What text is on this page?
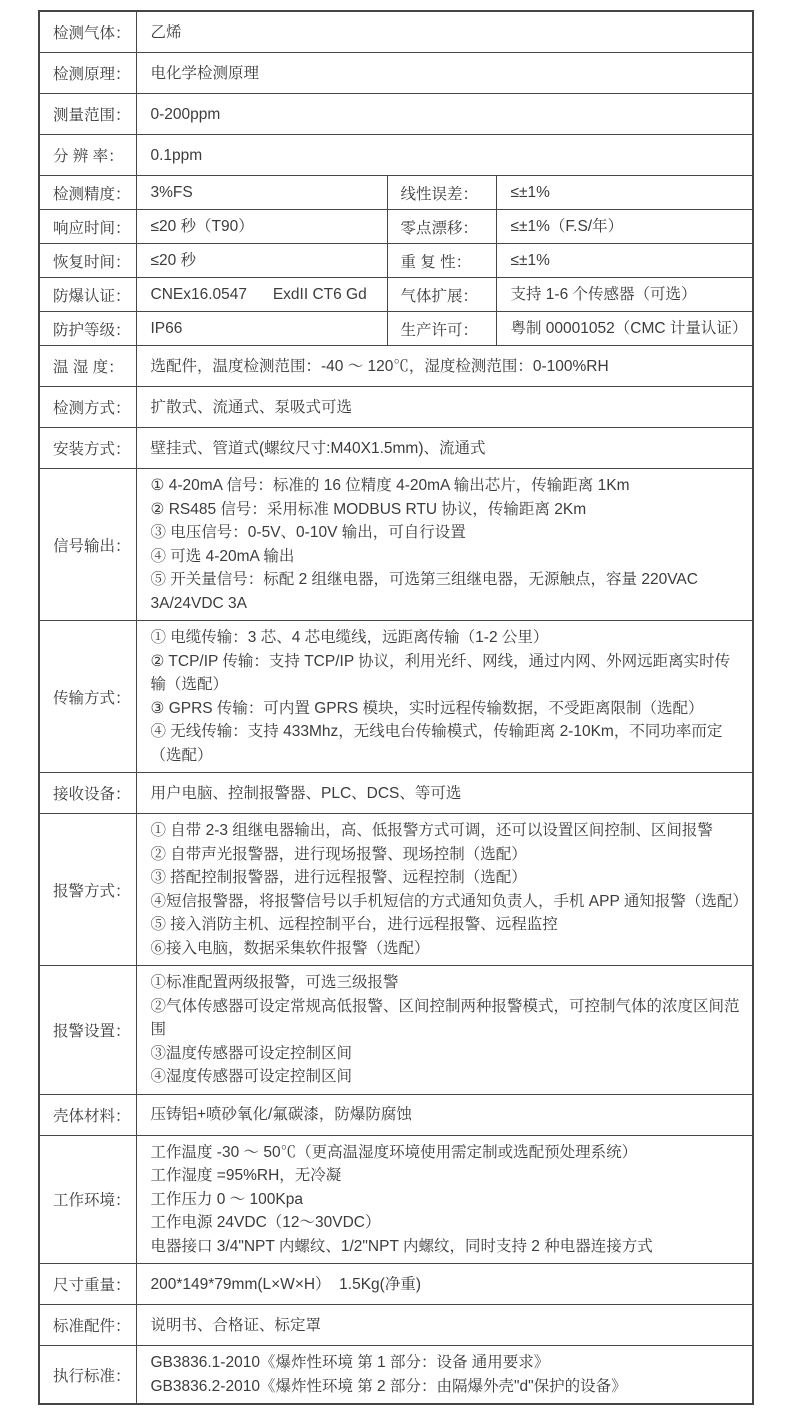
检测气体：	乙烯		
检测原理：	电化学检测原理		
测量范围：	0-200ppm		
分 辨 率：	0.1ppm		
检测精度：	3%FS	线性误差：	≤±1%
响应时间：	≤20 秒（T90）	零点漂移：	≤±1%（F.S/年）
恢复时间：	≤20 秒	重 复 性：	≤±1%
防爆认证：	CNEx16.0547      ExdII CT6 Gd	气体扩展：	支持 1-6 个传感器（可选）
防护等级：	IP66	生产许可：	粤制 00001052（CMC 计量认证）
温 湿 度：	选配件，温度检测范围：-40 ～ 120℃，湿度检测范围：0-100%RH		
检测方式：	扩散式、流通式、泵吸式可选		
安装方式：	壁挂式、管道式(螺纹尺寸:M40X1.5mm)、流通式		
信号输出：	① 4-20mA 信号：标准的 16 位精度 4-20mA 输出芯片，传输距离 1Km
② RS485 信号：采用标准 MODBUS RTU 协议，传输距离 2Km
③ 电压信号：0-5V、0-10V 输出，可自行设置
④ 可选 4-20mA 输出
⑤ 开关量信号：标配 2 组继电器，可选第三组继电器，无源触点，容量 220VAC 3A/24VDC 3A		

传输方式：	① 电缆传输：3 芯、4 芯电缆线，远距离传输（1-2 公里）
② TCP/IP 传输：支持 TCP/IP 协议，利用光纤、网线，通过内网、外网远距离实时传输（选配）
③ GPRS 传输：可内置 GPRS 模块，实时远程传输数据，不受距离限制（选配）
④ 无线传输：支持 433Mhz，无线电台传输模式，传输距离 2-10Km，不同功率而定（选配）		

接收设备：	用户电脑、控制报警器、PLC、DCS、等可选		
报警方式：	
① 自带 2-3 组继电器输出，高、低报警方式可调，还可以设置区间控制、区间报警
② 自带声光报警器，进行现场报警、现场控制（选配）
③ 搭配控制报警器，进行远程报警、远程控制（选配）
④短信报警器，将报警信号以手机短信的方式通知负责人，手机 APP 通知报警（选配）
⑤ 接入消防主机、远程控制平台，进行远程报警、远程监控
⑥接入电脑，数据采集软件报警（选配）

报警设置：	①标准配置两级报警，可选三级报警
②气体传感器可设定常规高低报警、区间控制两种报警模式，可控制气体的浓度区间范围
③温度传感器可设定控制区间
④湿度传感器可设定控制区间		

壳体材料：	压铸铝+喷砂氧化/氟碳漆，防爆防腐蚀		
工作环境：	工作温度 -30 ～ 50℃（更高温湿度环境使用需定制或选配预处理系统）
工作湿度 =95%RH，无冷凝
工作压力 0 ～ 100Kpa
工作电源 24VDC（12～30VDC）
电器接口 3/4"NPT 内螺纹、1/2"NPT 内螺纹，同时支持 2 种电器连接方式		

尺寸重量：	200*149*79mm(L×W×H）  1.5Kg(净重)		
标准配件：	说明书、合格证、标定罩		
执行标准：	GB3836.1-2010《爆炸性环境 第 1 部分：设备 通用要求》
GB3836.2-2010《爆炸性环境 第 2 部分：由隔爆外壳"d"保护的设备》		
